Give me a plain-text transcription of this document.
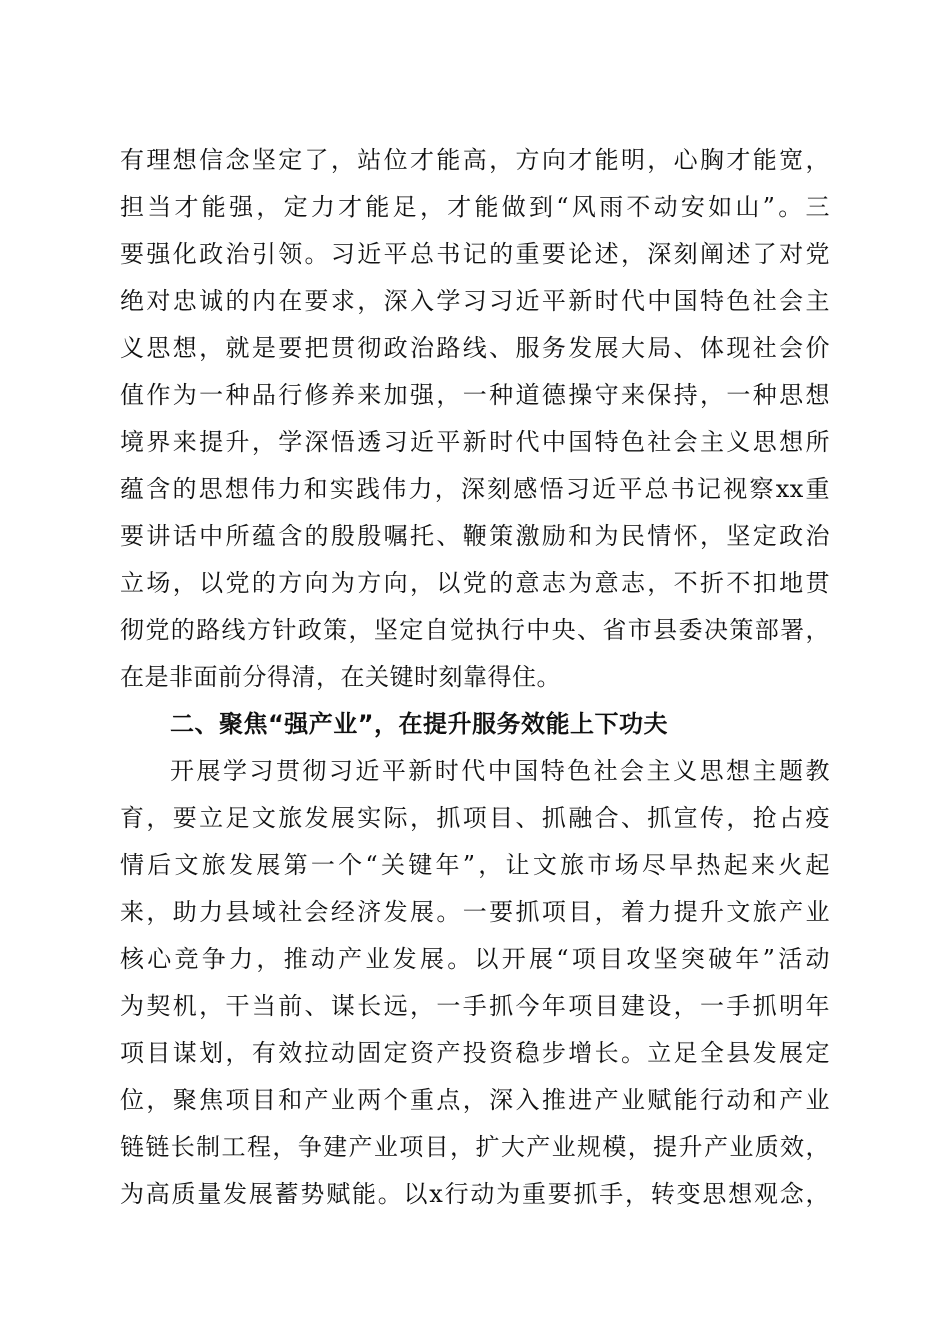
有理想信念坚定了，站位才能高，方向才能明，心胸才能宽，
担当才能强，定力才能足，才能做到“风雨不动安如山”。三
要强化政治引领。习近平总书记的重要论述，深刻阐述了对党
绝对忠诚的内在要求，深入学习习近平新时代中国特色社会主
义思想，就是要把贯彻政治路线、服务发展大局、体现社会价
值作为一种品行修养来加强，一种道德操守来保持，一种思想
境界来提升，学深悟透习近平新时代中国特色社会主义思想所
蕴含的思想伟力和实践伟力，深刻感悟习近平总书记视察xx重
要讲话中所蕴含的殷殷嘱托、鞭策激励和为民情怀，坚定政治
立场，以党的方向为方向，以党的意志为意志，不折不扣地贯
彻党的路线方针政策，坚定自觉执行中央、省市县委决策部署，
在是非面前分得清，在关键时刻靠得住。
二、聚焦“强产业”，在提升服务效能上下功夫
开展学习贯彻习近平新时代中国特色社会主义思想主题教
育，要立足文旅发展实际，抓项目、抓融合、抓宣传，抢占疫
情后文旅发展第一个“关键年”，让文旅市场尽早热起来火起
来，助力县域社会经济发展。一要抓项目，着力提升文旅产业
核心竞争力，推动产业发展。以开展“项目攻坚突破年”活动
为契机，干当前、谋长远，一手抓今年项目建设，一手抓明年
项目谋划，有效拉动固定资产投资稳步增长。立足全县发展定
位，聚焦项目和产业两个重点，深入推进产业赋能行动和产业
链链长制工程，争建产业项目，扩大产业规模，提升产业质效，
为高质量发展蓄势赋能。以x行动为重要抓手，转变思想观念，
